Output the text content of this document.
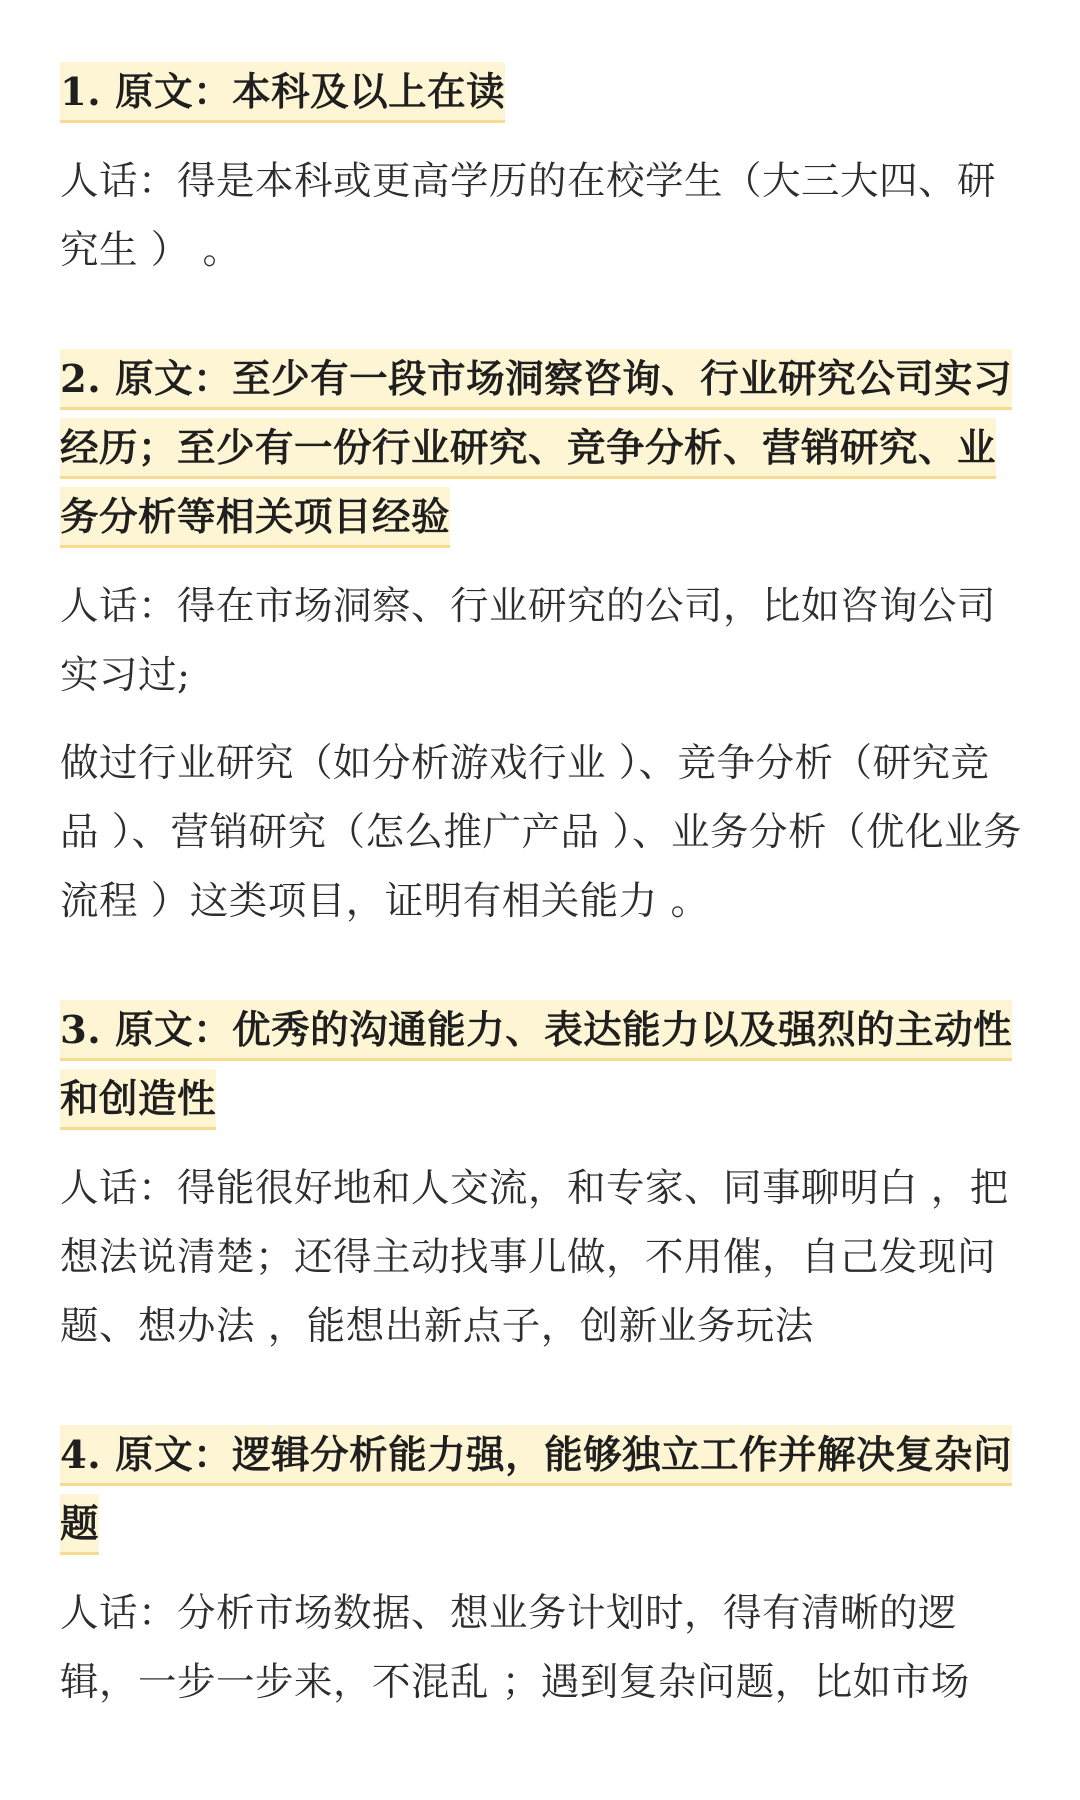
1. 原文：本科及以上在读

人话：得是本科或更高学历的在校学生（大三大四、研究生 ） 。

2. 原文：至少有一段市场洞察咨询、行业研究公司实习经历；至少有一份行业研究、竞争分析、营销研究、业务分析等相关项目经验

人话：得在市场洞察、行业研究的公司，比如咨询公司实习过;

做过行业研究（如分析游戏行业 ）、竞争分析（研究竞品 ）、营销研究（怎么推广产品 ）、业务分析（优化业务流程 ）这类项目，证明有相关能力 。

3. 原文：优秀的沟通能力、表达能力以及强烈的主动性和创造性

人话：得能很好地和人交流，和专家、同事聊明白 ，把想法说清楚；还得主动找事儿做，不用催，自己发现问题、想办法 ，能想出新点子，创新业务玩法

4. 原文：逻辑分析能力强，能够独立工作并解决复杂问题

人话：分析市场数据、想业务计划时，得有清晰的逻辑，一步一步来，不混乱 ；遇到复杂问题，比如市场
